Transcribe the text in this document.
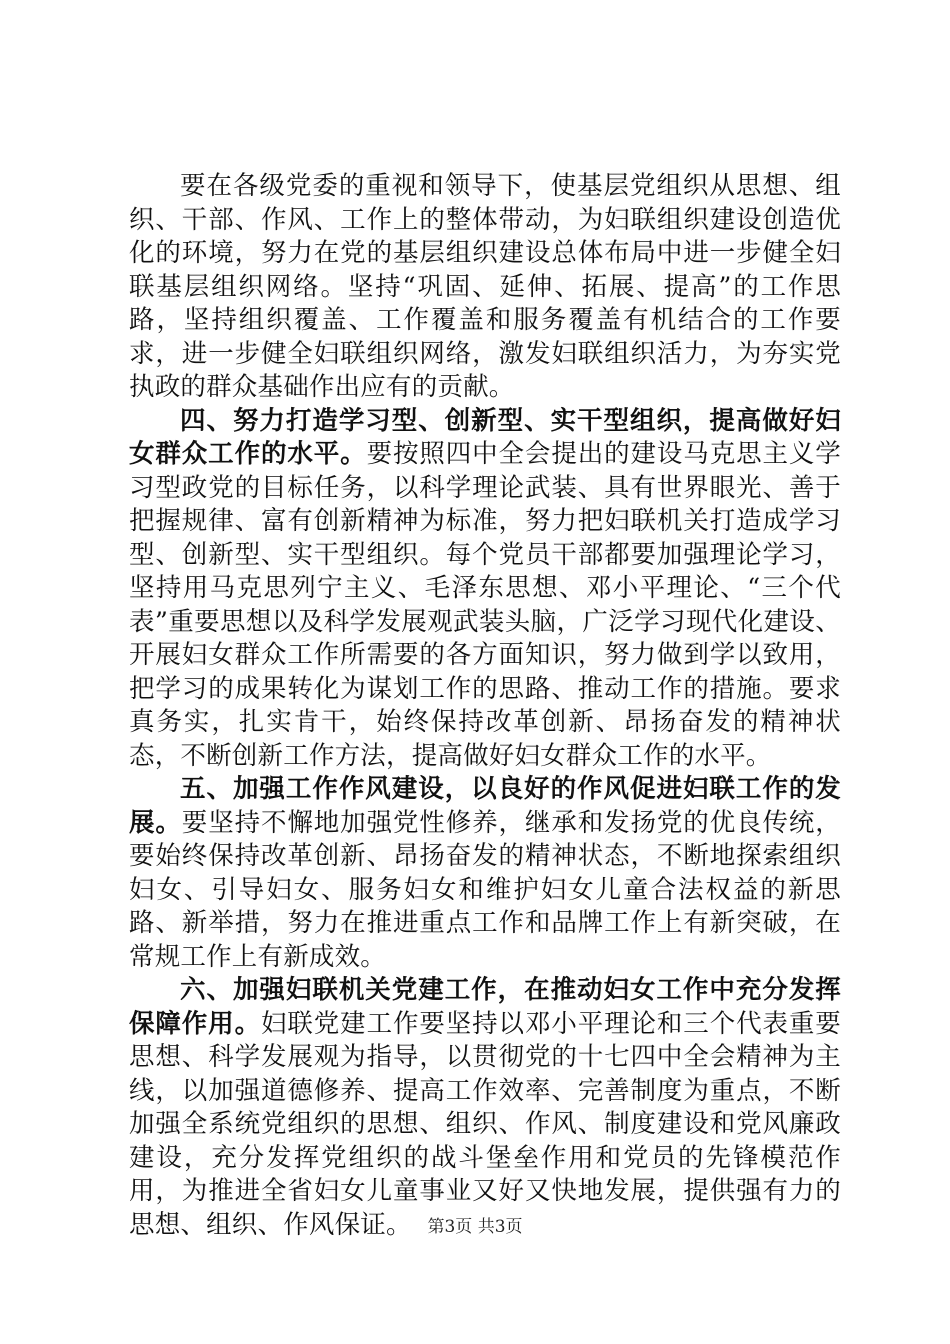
要在各级党委的重视和领导下，使基层党组织从思想、组织、干部、作风、工作上的整体带动，为妇联组织建设创造优化的环境，努力在党的基层组织建设总体布局中进一步健全妇联基层组织网络。坚持“巩固、延伸、拓展、提高”的工作思路，坚持组织覆盖、工作覆盖和服务覆盖有机结合的工作要求，进一步健全妇联组织网络，激发妇联组织活力，为夯实党执政的群众基础作出应有的贡献。

四、努力打造学习型、创新型、实干型组织，提高做好妇女群众工作的水平。要按照四中全会提出的建设马克思主义学习型政党的目标任务，以科学理论武装、具有世界眼光、善于把握规律、富有创新精神为标准，努力把妇联机关打造成学习型、创新型、实干型组织。每个党员干部都要加强理论学习，坚持用马克思列宁主义、毛泽东思想、邓小平理论、“三个代表”重要思想以及科学发展观武装头脑，广泛学习现代化建设、开展妇女群众工作所需要的各方面知识，努力做到学以致用，把学习的成果转化为谋划工作的思路、推动工作的措施。要求真务实，扎实肯干，始终保持改革创新、昂扬奋发的精神状态，不断创新工作方法，提高做好妇女群众工作的水平。

五、加强工作作风建设，以良好的作风促进妇联工作的发展。要坚持不懈地加强党性修养，继承和发扬党的优良传统，要始终保持改革创新、昂扬奋发的精神状态，不断地探索组织妇女、引导妇女、服务妇女和维护妇女儿童合法权益的新思路、新举措，努力在推进重点工作和品牌工作上有新突破，在常规工作上有新成效。

六、加强妇联机关党建工作，在推动妇女工作中充分发挥保障作用。妇联党建工作要坚持以邓小平理论和三个代表重要思想、科学发展观为指导，以贯彻党的十七四中全会精神为主线，以加强道德修养、提高工作效率、完善制度为重点，不断加强全系统党组织的思想、组织、作风、制度建设和党风廉政建设，充分发挥党组织的战斗堡垒作用和党员的先锋模范作用，为推进全省妇女儿童事业又好又快地发展，提供强有力的思想、组织、作风保证。 第3页 共3页
